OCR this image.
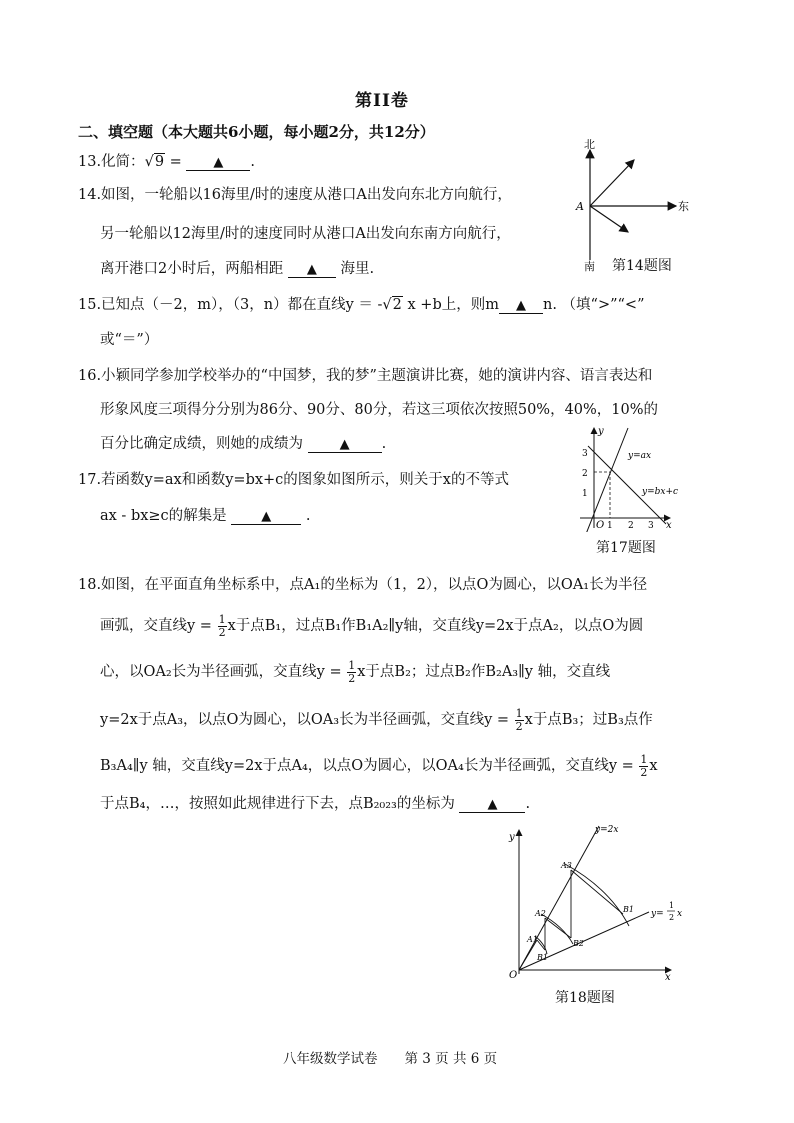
第II卷
二、填空题（本大题共6小题，每小题2分，共12分）
13.化简：√9 = ▲ .
14.如图，一轮船以16海里/时的速度从港口A出发向东北方向航行，
另一轮船以12海里/时的速度同时从港口A出发向东南方向航行，
离开港口2小时后，两船相距 ▲ 海里.
北
东
南
A
第14题图
15.已知点（－2，m），（3，n）都在直线y ＝ -√2 x +b上，则m ▲ n. （填“>”“<”
或“＝”）
16.小颖同学参加学校举办的“中国梦，我的梦”主题演讲比赛，她的演讲内容、语言表达和
形象风度三项得分分别为86分、90分、80分，若这三项依次按照50%，40%，10%的
百分比确定成绩，则她的成绩为 ▲ .
17.若函数y=ax和函数y=bx+c的图象如图所示，则关于x的不等式
ax - bx≥c的解集是 ▲ .
y
x
O
3
2
1
1 2 3
y=ax
y=bx+c
第17题图
18.如图，在平面直角坐标系中，点A₁的坐标为（1，2），以点O为圆心，以OA₁长为半径
画弧，交直线$y = \frac{1}{2}$ x于点B₁，过点B₁作B₁A₂∥y轴，交直线y=2x于点A₂，以点O为圆
心，以OA₂长为半径画弧，交直线$y = \frac{1}{2}$ x于点B₂；过点B₂作B₂A₃∥y 轴，交直线
y=2x于点A₃，以点O为圆心，以OA₃长为半径画弧，交直线$y = \frac{1}{2}$ x于点B₃；过B₃点作
B₃A₄∥y 轴，交直线y=2x于点A₄，以点O为圆心，以OA₄长为半径画弧，交直线$y = \frac{1}{2}$ x
于点B₄，…，按照如此规律进行下去，点B₂₀₂₃的坐标为 ▲ .
y
x
O
y=2x
y=
1
2 x
A1
A2
A3
B1
B2
B1
第18题图
八年级数学试卷　　第 3 页 共 6 页
